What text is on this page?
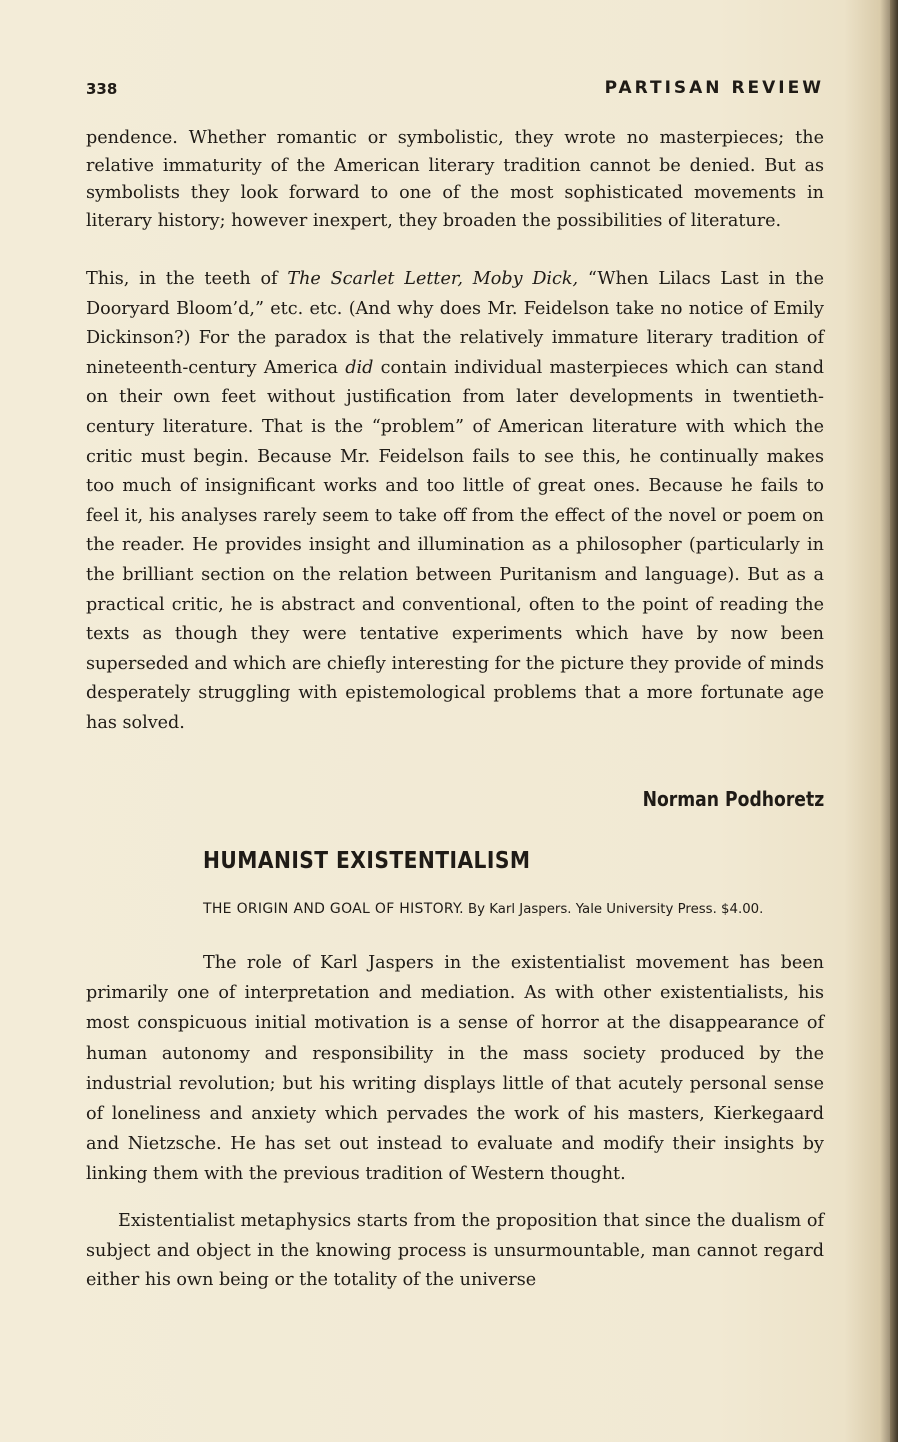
338	PARTISAN REVIEW

pendence. Whether romantic or symbolistic, they wrote no masterpieces; the relative immaturity of the American literary tradition cannot be denied. But as symbolists they look forward to one of the most sophisticated movements in literary history; however inexpert, they broaden the possibilities of literature.

This, in the teeth of The Scarlet Letter, Moby Dick, “When Lilacs Last in the Dooryard Bloom’d,” etc. etc. (And why does Mr. Feidelson take no notice of Emily Dickinson?) For the paradox is that the relatively immature literary tradition of nineteenth-century America did contain individual masterpieces which can stand on their own feet without justification from later developments in twentieth-century literature. That is the “problem” of American literature with which the critic must begin. Because Mr. Feidelson fails to see this, he continually makes too much of insignificant works and too little of great ones. Because he fails to feel it, his analyses rarely seem to take off from the effect of the novel or poem on the reader. He provides insight and illumination as a philosopher (particularly in the brilliant section on the relation between Puritanism and language). But as a practical critic, he is abstract and conventional, often to the point of reading the texts as though they were tentative experiments which have by now been superseded and which are chiefly interesting for the picture they provide of minds desperately struggling with epistemological problems that a more fortunate age has solved.

Norman Podhoretz
HUMANIST EXISTENTIALISM
THE ORIGIN AND GOAL OF HISTORY. By Karl Jaspers. Yale University Press. $4.00.

The role of Karl Jaspers in the existentialist movement has been primarily one of interpretation and mediation. As with other existentialists, his most conspicuous initial motivation is a sense of horror at the disappearance of human autonomy and responsibility in the mass society produced by the industrial revolution; but his writing displays little of that acutely personal sense of loneliness and anxiety which pervades the work of his masters, Kierkegaard and Nietzsche. He has set out instead to evaluate and modify their insights by linking them with the previous tradition of Western thought.

Existentialist metaphysics starts from the proposition that since the dualism of subject and object in the knowing process is unsurmountable, man cannot regard either his own being or the totality of the universe
